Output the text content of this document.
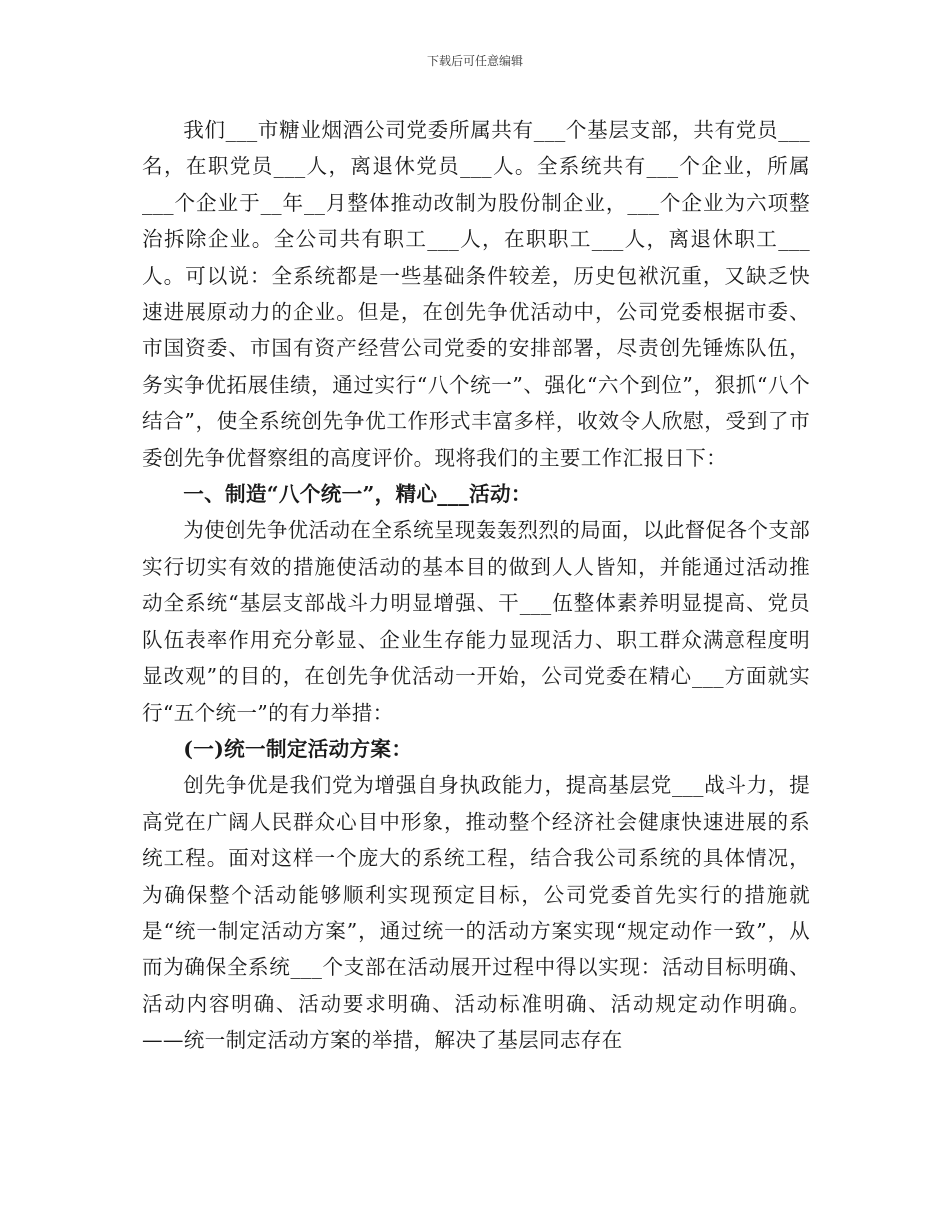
下载后可任意编辑

我们___市糖业烟酒公司党委所属共有___个基层支部，共有党员___名，在职党员___人，离退休党员___人。全系统共有___个企业，所属___个企业于__年__月整体推动改制为股份制企业，___个企业为六项整治拆除企业。全公司共有职工___人，在职职工___人，离退休职工___人。可以说：全系统都是一些基础条件较差，历史包袱沉重，又缺乏快速进展原动力的企业。但是，在创先争优活动中，公司党委根据市委、市国资委、市国有资产经营公司党委的安排部署，尽责创先锤炼队伍，务实争优拓展佳绩，通过实行“八个统一”、强化“六个到位”，狠抓“八个结合”，使全系统创先争优工作形式丰富多样，收效令人欣慰，受到了市委创先争优督察组的高度评价。现将我们的主要工作汇报日下：

一、制造“八个统一”，精心___活动：

为使创先争优活动在全系统呈现轰轰烈烈的局面，以此督促各个支部实行切实有效的措施使活动的基本目的做到人人皆知，并能通过活动推动全系统“基层支部战斗力明显增强、干___伍整体素养明显提高、党员队伍表率作用充分彰显、企业生存能力显现活力、职工群众满意程度明显改观”的目的，在创先争优活动一开始，公司党委在精心___方面就实行“五个统一”的有力举措：

(一)统一制定活动方案：

创先争优是我们党为增强自身执政能力，提高基层党___战斗力，提高党在广阔人民群众心目中形象，推动整个经济社会健康快速进展的系统工程。面对这样一个庞大的系统工程，结合我公司系统的具体情况，为确保整个活动能够顺利实现预定目标，公司党委首先实行的措施就是“统一制定活动方案”，通过统一的活动方案实现“规定动作一致”，从而为确保全系统___个支部在活动展开过程中得以实现：活动目标明确、活动内容明确、活动要求明确、活动标准明确、活动规定动作明确。——统一制定活动方案的举措，解决了基层同志存在
